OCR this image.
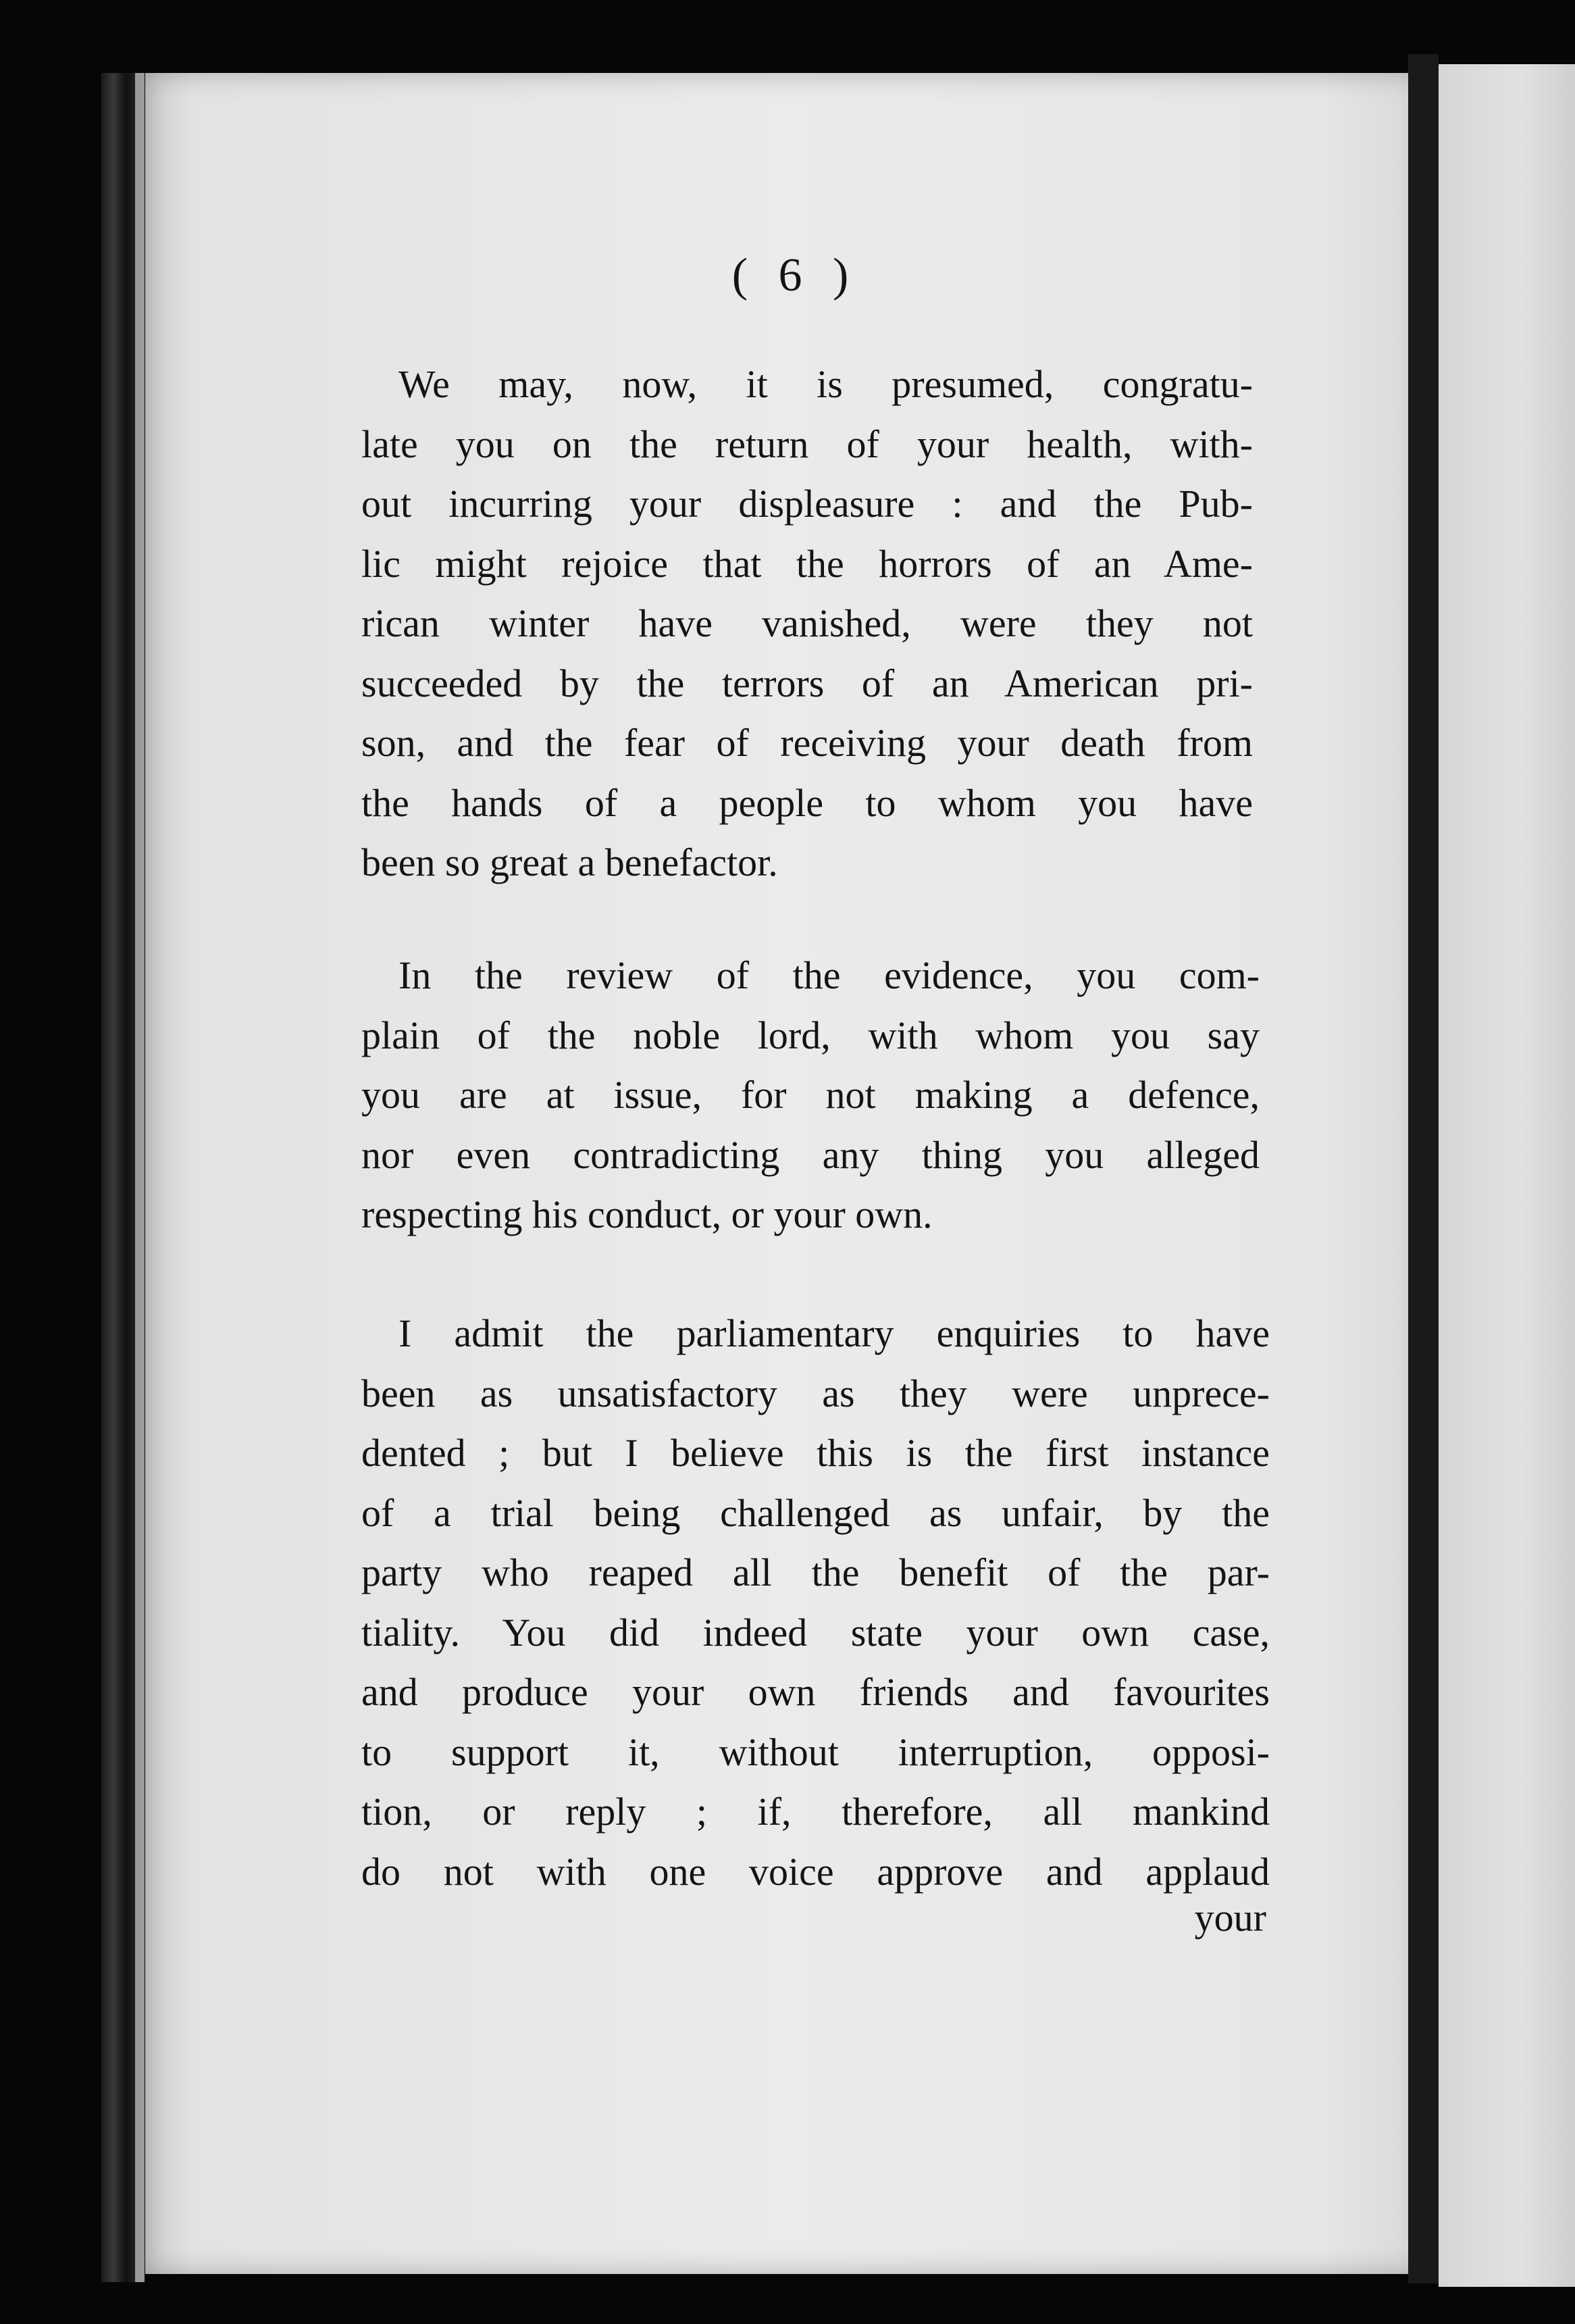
( 6 )
We may, now, it is presumed, congratu-
late you on the return of your health, with-
out incurring your displeasure : and the Pub-
lic might rejoice that the horrors of an Ame-
rican winter have vanished, were they not
succeeded by the terrors of an American pri-
son, and the fear of receiving your death from
the hands of a people to whom you have
been so great a benefactor.
In the review of the evidence, you com-
plain of the noble lord, with whom you say
you are at issue, for not making a defence,
nor even contradicting any thing you alleged
respecting his conduct, or your own.
I admit the parliamentary enquiries to have
been as unsatisfactory as they were unprece-
dented ; but I believe this is the first instance
of a trial being challenged as unfair, by the
party who reaped all the benefit of the par-
tiality. You did indeed state your own case,
and produce your own friends and favourites
to support it, without interruption, opposi-
tion, or reply ; if, therefore, all mankind
do not with one voice approve and applaud
your
